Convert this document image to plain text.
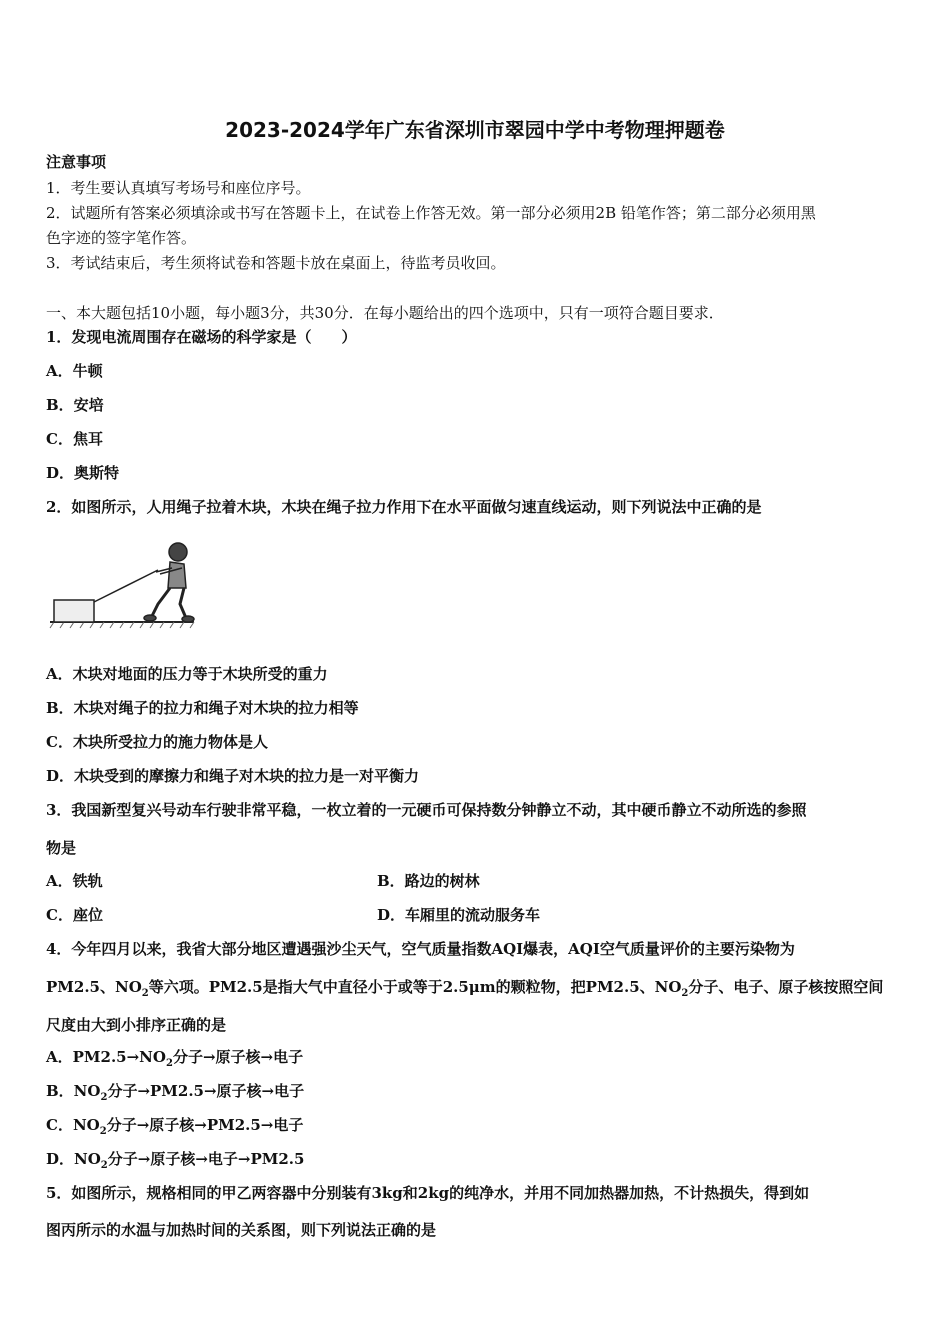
2023-2024学年广东省深圳市翠园中学中考物理押题卷
注意事项
1．考生要认真填写考场号和座位序号。
2．试题所有答案必须填涂或书写在答题卡上，在试卷上作答无效。第一部分必须用2B 铅笔作答；第二部分必须用黑
色字迹的签字笔作答。
3．考试结束后，考生须将试卷和答题卡放在桌面上，待监考员收回。
一、本大题包括10小题，每小题3分，共30分．在每小题给出的四个选项中，只有一项符合题目要求．
1．发现电流周围存在磁场的科学家是（　　）
A．牛顿
B．安培
C．焦耳
D．奥斯特
2．如图所示，人用绳子拉着木块，木块在绳子拉力作用下在水平面做匀速直线运动，则下列说法中正确的是
A．木块对地面的压力等于木块所受的重力
B．木块对绳子的拉力和绳子对木块的拉力相等
C．木块所受拉力的施力物体是人
D．木块受到的摩擦力和绳子对木块的拉力是一对平衡力
3．我国新型复兴号动车行驶非常平稳，一枚立着的一元硬币可保持数分钟静立不动，其中硬币静立不动所选的参照
物是
A．铁轨	B．路边的树林
C．座位	D．车厢里的流动服务车
4．今年四月以来，我省大部分地区遭遇强沙尘天气，空气质量指数AQI爆表，AQI空气质量评价的主要污染物为
PM2.5、$NO_2$等六项。PM2.5是指大气中直径小于或等于2.5μm的颗粒物，把PM2.5、$NO_2$分子、电子、原子核按照空间
尺度由大到小排序正确的是
A．$PM2.5\to NO_2$分子→原子核→电子
B．$NO_2$分子→PM2.5→原子核→电子
C．$NO_2$分子→原子核→PM2.5→电子
D．$NO_2$分子→原子核→电子→PM2.5
5．如图所示，规格相同的甲乙两容器中分别装有3kg和2kg的纯净水，并用不同加热器加热，不计热损失，得到如
图丙所示的水温与加热时间的关系图，则下列说法正确的是
